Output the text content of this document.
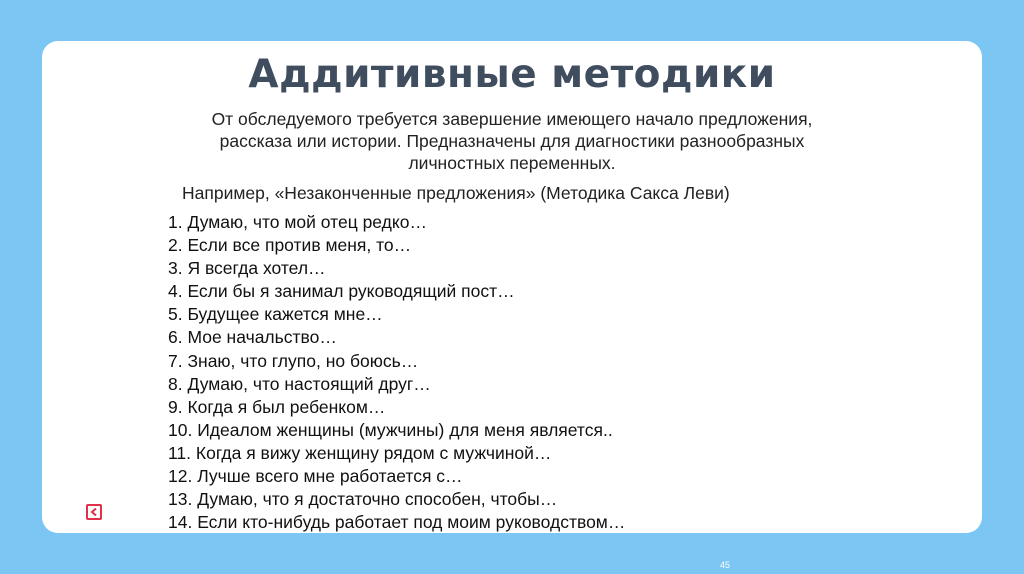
Аддитивные методики
От обследуемого требуется завершение имеющего начало предложения,
рассказа или истории. Предназначены для диагностики разнообразных
личностных переменных.
Например, «Незаконченные предложения» (Методика Сакса Леви)
1. Думаю, что мой отец редко…
2. Если все против меня, то…
3. Я всегда хотел…
4. Если бы я занимал руководящий пост…
5. Будущее кажется мне…
6. Мое начальство…
7. Знаю, что глупо, но боюсь…
8. Думаю, что настоящий друг…
9. Когда я был ребенком…
10. Идеалом женщины (мужчины) для меня является..
11. Когда я вижу женщину рядом с мужчиной…
12. Лучше всего мне работается с…
13. Думаю, что я достаточно способен, чтобы…
14. Если кто-нибудь работает под моим руководством…
45
